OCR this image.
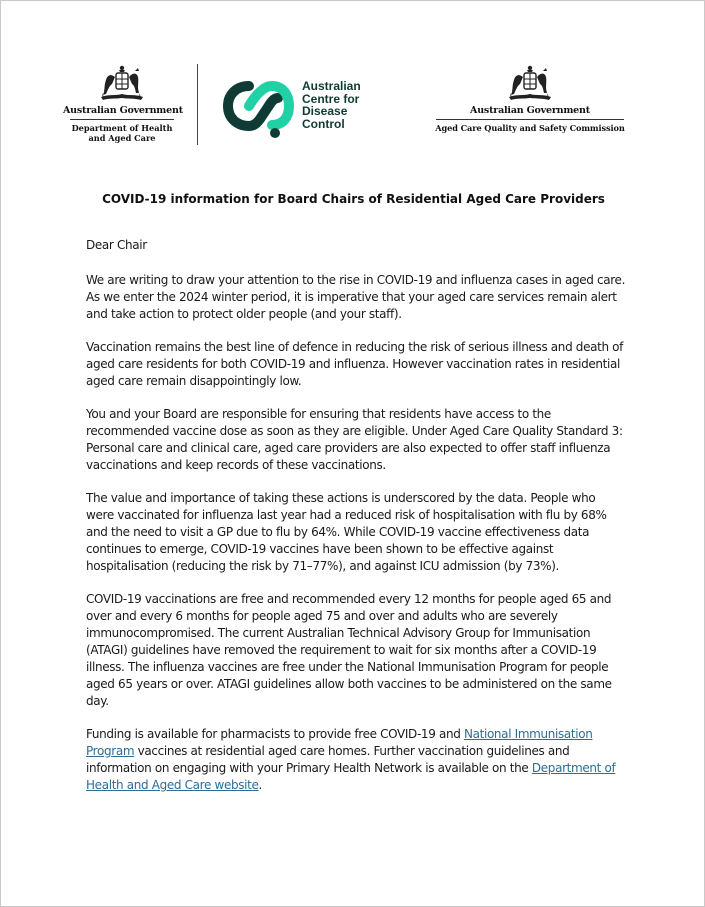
Australian Government
Department of Health
and Aged Care
Australian
Centre for
Disease
Control
Australian Government
Aged Care Quality and Safety Commission
COVID-19 information for Board Chairs of Residential Aged Care Providers

Dear Chair

We are writing to draw your attention to the rise in COVID-19 and influenza cases in aged care. As we enter the 2024 winter period, it is imperative that your aged care services remain alert and take action to protect older people (and your staff).

Vaccination remains the best line of defence in reducing the risk of serious illness and death of aged care residents for both COVID-19 and influenza. However vaccination rates in residential aged care remain disappointingly low.

You and your Board are responsible for ensuring that residents have access to the recommended vaccine dose as soon as they are eligible. Under Aged Care Quality Standard 3: Personal care and clinical care, aged care providers are also expected to offer staff influenza vaccinations and keep records of these vaccinations.

The value and importance of taking these actions is underscored by the data. People who were vaccinated for influenza last year had a reduced risk of hospitalisation with flu by 68% and the need to visit a GP due to flu by 64%. While COVID-19 vaccine effectiveness data continues to emerge, COVID-19 vaccines have been shown to be effective against hospitalisation (reducing the risk by 71–77%), and against ICU admission (by 73%).

COVID-19 vaccinations are free and recommended every 12 months for people aged 65 and over and every 6 months for people aged 75 and over and adults who are severely immunocompromised. The current Australian Technical Advisory Group for Immunisation (ATAGI) guidelines have removed the requirement to wait for six months after a COVID-19 illness. The influenza vaccines are free under the National Immunisation Program for people aged 65 years or over. ATAGI guidelines allow both vaccines to be administered on the same day.

Funding is available for pharmacists to provide free COVID-19 and National Immunisation Program vaccines at residential aged care homes. Further vaccination guidelines and information on engaging with your Primary Health Network is available on the Department of Health and Aged Care website.
